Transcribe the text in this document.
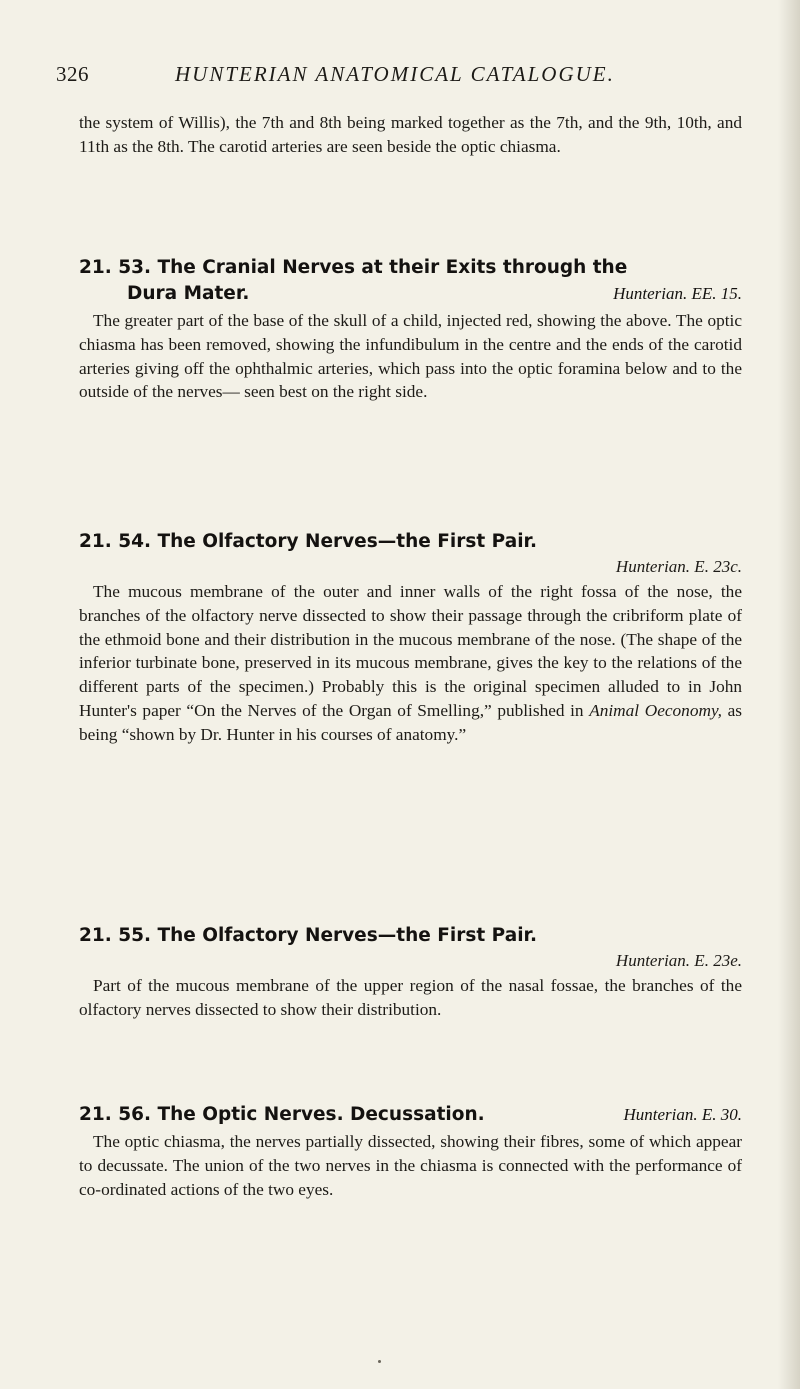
326	HUNTERIAN ANATOMICAL CATALOGUE.

the system of Willis), the 7th and 8th being marked together as the 7th, and the 9th, 10th, and 11th as the 8th. The carotid arteries are seen beside the optic chiasma.

21. 53. The Cranial Nerves at their Exits through the
Dura Mater.	Hunterian. EE. 15.

The greater part of the base of the skull of a child, injected red, showing the above. The optic chiasma has been removed, showing the infundibulum in the centre and the ends of the carotid arteries giving off the ophthalmic arteries, which pass into the optic foramina below and to the outside of the nerves— seen best on the right side.

21. 54. The Olfactory Nerves—the First Pair.
Hunterian. E. 23c.

The mucous membrane of the outer and inner walls of the right fossa of the nose, the branches of the olfactory nerve dissected to show their passage through the cribriform plate of the ethmoid bone and their distribution in the mucous membrane of the nose. (The shape of the inferior turbinate bone, preserved in its mucous membrane, gives the key to the relations of the different parts of the specimen.) Probably this is the original specimen alluded to in John Hunter's paper “On the Nerves of the Organ of Smelling,” published in Animal Oeconomy, as being “shown by Dr. Hunter in his courses of anatomy.”

21. 55. The Olfactory Nerves—the First Pair.
Hunterian. E. 23e.

Part of the mucous membrane of the upper region of the nasal fossae, the branches of the olfactory nerves dissected to show their distribution.

21. 56. The Optic Nerves. Decussation.	Hunterian. E. 30.

The optic chiasma, the nerves partially dissected, showing their fibres, some of which appear to decussate. The union of the two nerves in the chiasma is connected with the performance of co-ordinated actions of the two eyes.
